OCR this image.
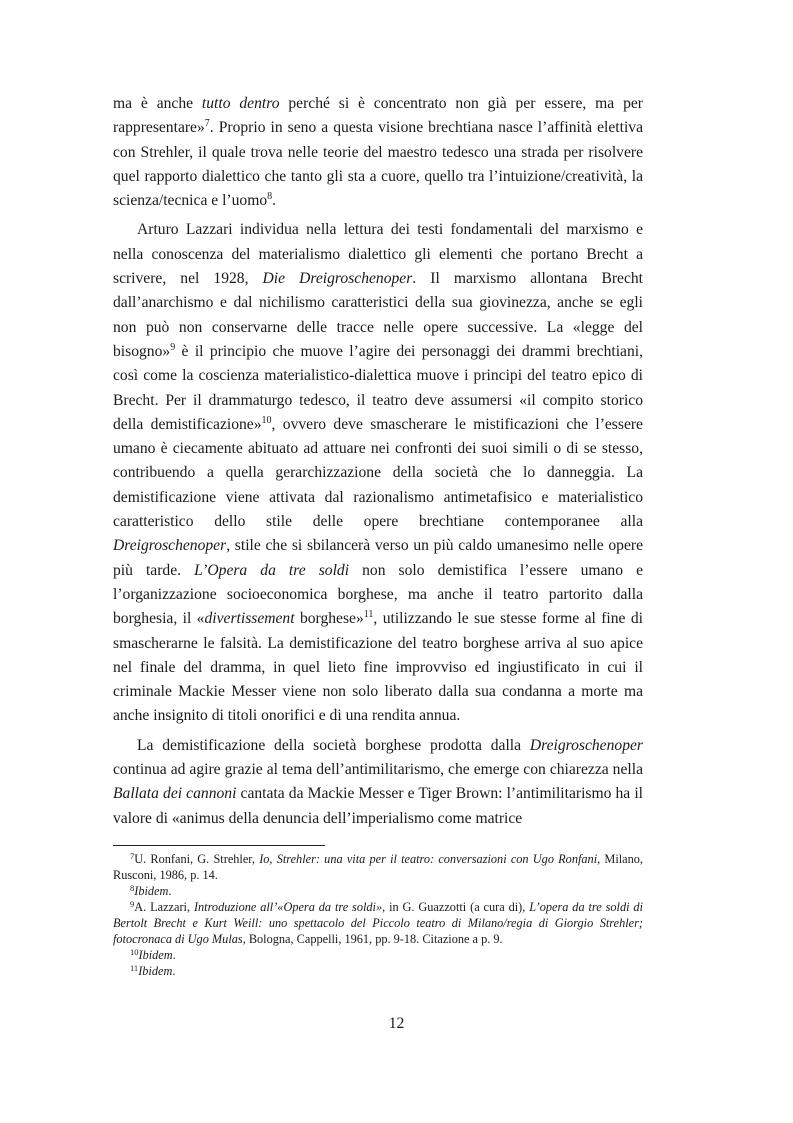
ma è anche tutto dentro perché si è concentrato non già per essere, ma per rappresentare»$^7$. Proprio in seno a questa visione brechtiana nasce l’affinità elettiva con Strehler, il quale trova nelle teorie del maestro tedesco una strada per risolvere quel rapporto dialettico che tanto gli sta a cuore, quello tra l’intuizione/creatività, la scienza/tecnica e l’uomo$^8$.

Arturo Lazzari individua nella lettura dei testi fondamentali del marxismo e nella conoscenza del materialismo dialettico gli elementi che portano Brecht a scrivere, nel 1928, Die Dreigroschenoper. Il marxismo allontana Brecht dall’anarchismo e dal nichilismo caratteristici della sua giovinezza, anche se egli non può non conservarne delle tracce nelle opere successive. La «legge del bisogno»$^9$ è il principio che muove l’agire dei personaggi dei drammi brechtiani, così come la coscienza materialistico-dialettica muove i principi del teatro epico di Brecht. Per il drammaturgo tedesco, il teatro deve assumersi «il compito storico della demistificazione»$^{10}$, ovvero deve smascherare le mistificazioni che l’essere umano è ciecamente abituato ad attuare nei confronti dei suoi simili o di se stesso, contribuendo a quella gerarchizzazione della società che lo danneggia. La demistificazione viene attivata dal razionalismo antimetafisico e materialistico caratteristico dello stile delle opere brechtiane contemporanee alla Dreigroschenoper, stile che si sbilancerà verso un più caldo umanesimo nelle opere più tarde. L’Opera da tre soldi non solo demistifica l’essere umano e l’organizzazione socioeconomica borghese, ma anche il teatro partorito dalla borghesia, il «divertissement borghese»$^{11}$, utilizzando le sue stesse forme al fine di smascherarne le falsità. La demistificazione del teatro borghese arriva al suo apice nel finale del dramma, in quel lieto fine improvviso ed ingiustificato in cui il criminale Mackie Messer viene non solo liberato dalla sua condanna a morte ma anche insignito di titoli onorifici e di una rendita annua.

La demistificazione della società borghese prodotta dalla Dreigroschenoper continua ad agire grazie al tema dell’antimilitarismo, che emerge con chiarezza nella Ballata dei cannoni cantata da Mackie Messer e Tiger Brown: l’antimilitarismo ha il valore di «animus della denuncia dell’imperialismo come matrice

$^7$U. Ronfani, G. Strehler, Io, Strehler: una vita per il teatro: conversazioni con Ugo Ronfani, Milano, Rusconi, 1986, p. 14.

$^8$Ibidem.

$^9$A. Lazzari, Introduzione all’«Opera da tre soldi», in G. Guazzotti (a cura di), L’opera da tre soldi di Bertolt Brecht e Kurt Weill: uno spettacolo del Piccolo teatro di Milano/regia di Giorgio Strehler; fotocronaca di Ugo Mulas, Bologna, Cappelli, 1961, pp. 9-18. Citazione a p. 9.

$^{10}$Ibidem.

$^{11}$Ibidem.

12
